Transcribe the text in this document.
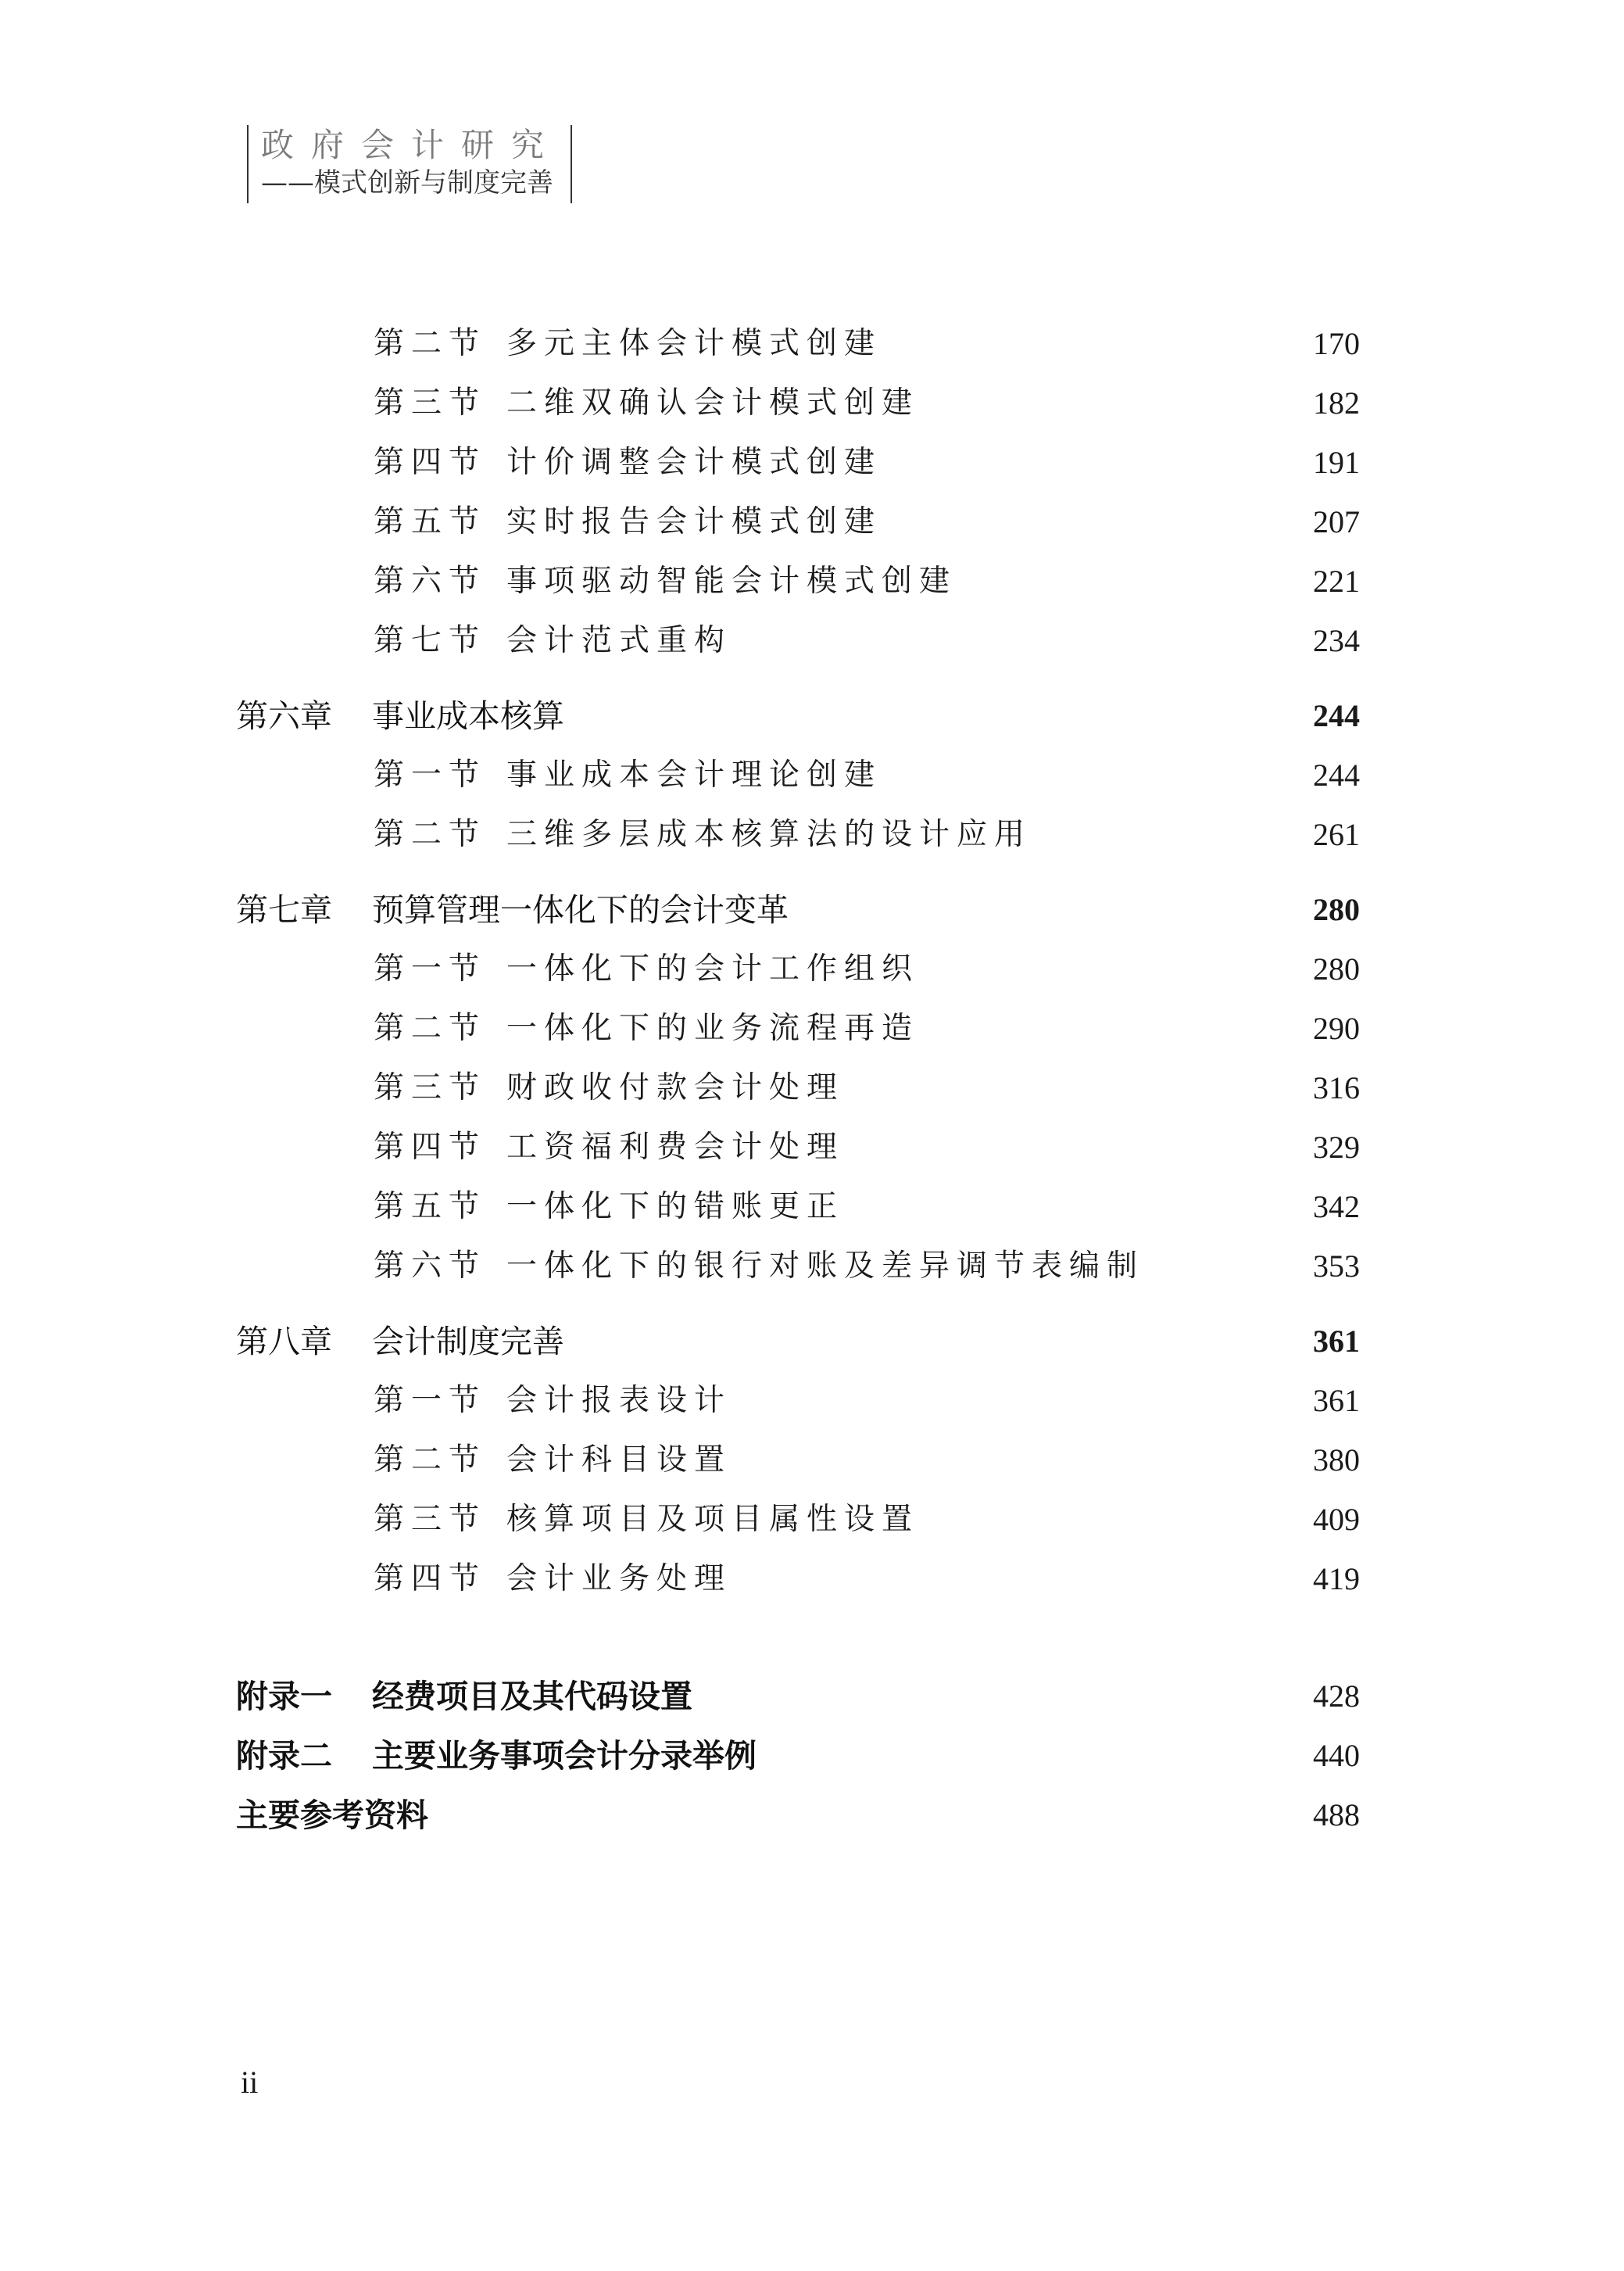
政府会计研究
——模式创新与制度完善
第二节 多元主体会计模式创建	170
第三节 二维双确认会计模式创建	182
第四节 计价调整会计模式创建	191
第五节 实时报告会计模式创建	207
第六节 事项驱动智能会计模式创建	221
第七节 会计范式重构	234
第六章 事业成本核算	244
第一节 事业成本会计理论创建	244
第二节 三维多层成本核算法的设计应用	261
第七章 预算管理一体化下的会计变革	280
第一节 一体化下的会计工作组织	280
第二节 一体化下的业务流程再造	290
第三节 财政收付款会计处理	316
第四节 工资福利费会计处理	329
第五节 一体化下的错账更正	342
第六节 一体化下的银行对账及差异调节表编制	353
第八章 会计制度完善	361
第一节 会计报表设计	361
第二节 会计科目设置	380
第三节 核算项目及项目属性设置	409
第四节 会计业务处理	419
附录一 经费项目及其代码设置	428
附录二 主要业务事项会计分录举例	440
主要参考资料	488
ii
